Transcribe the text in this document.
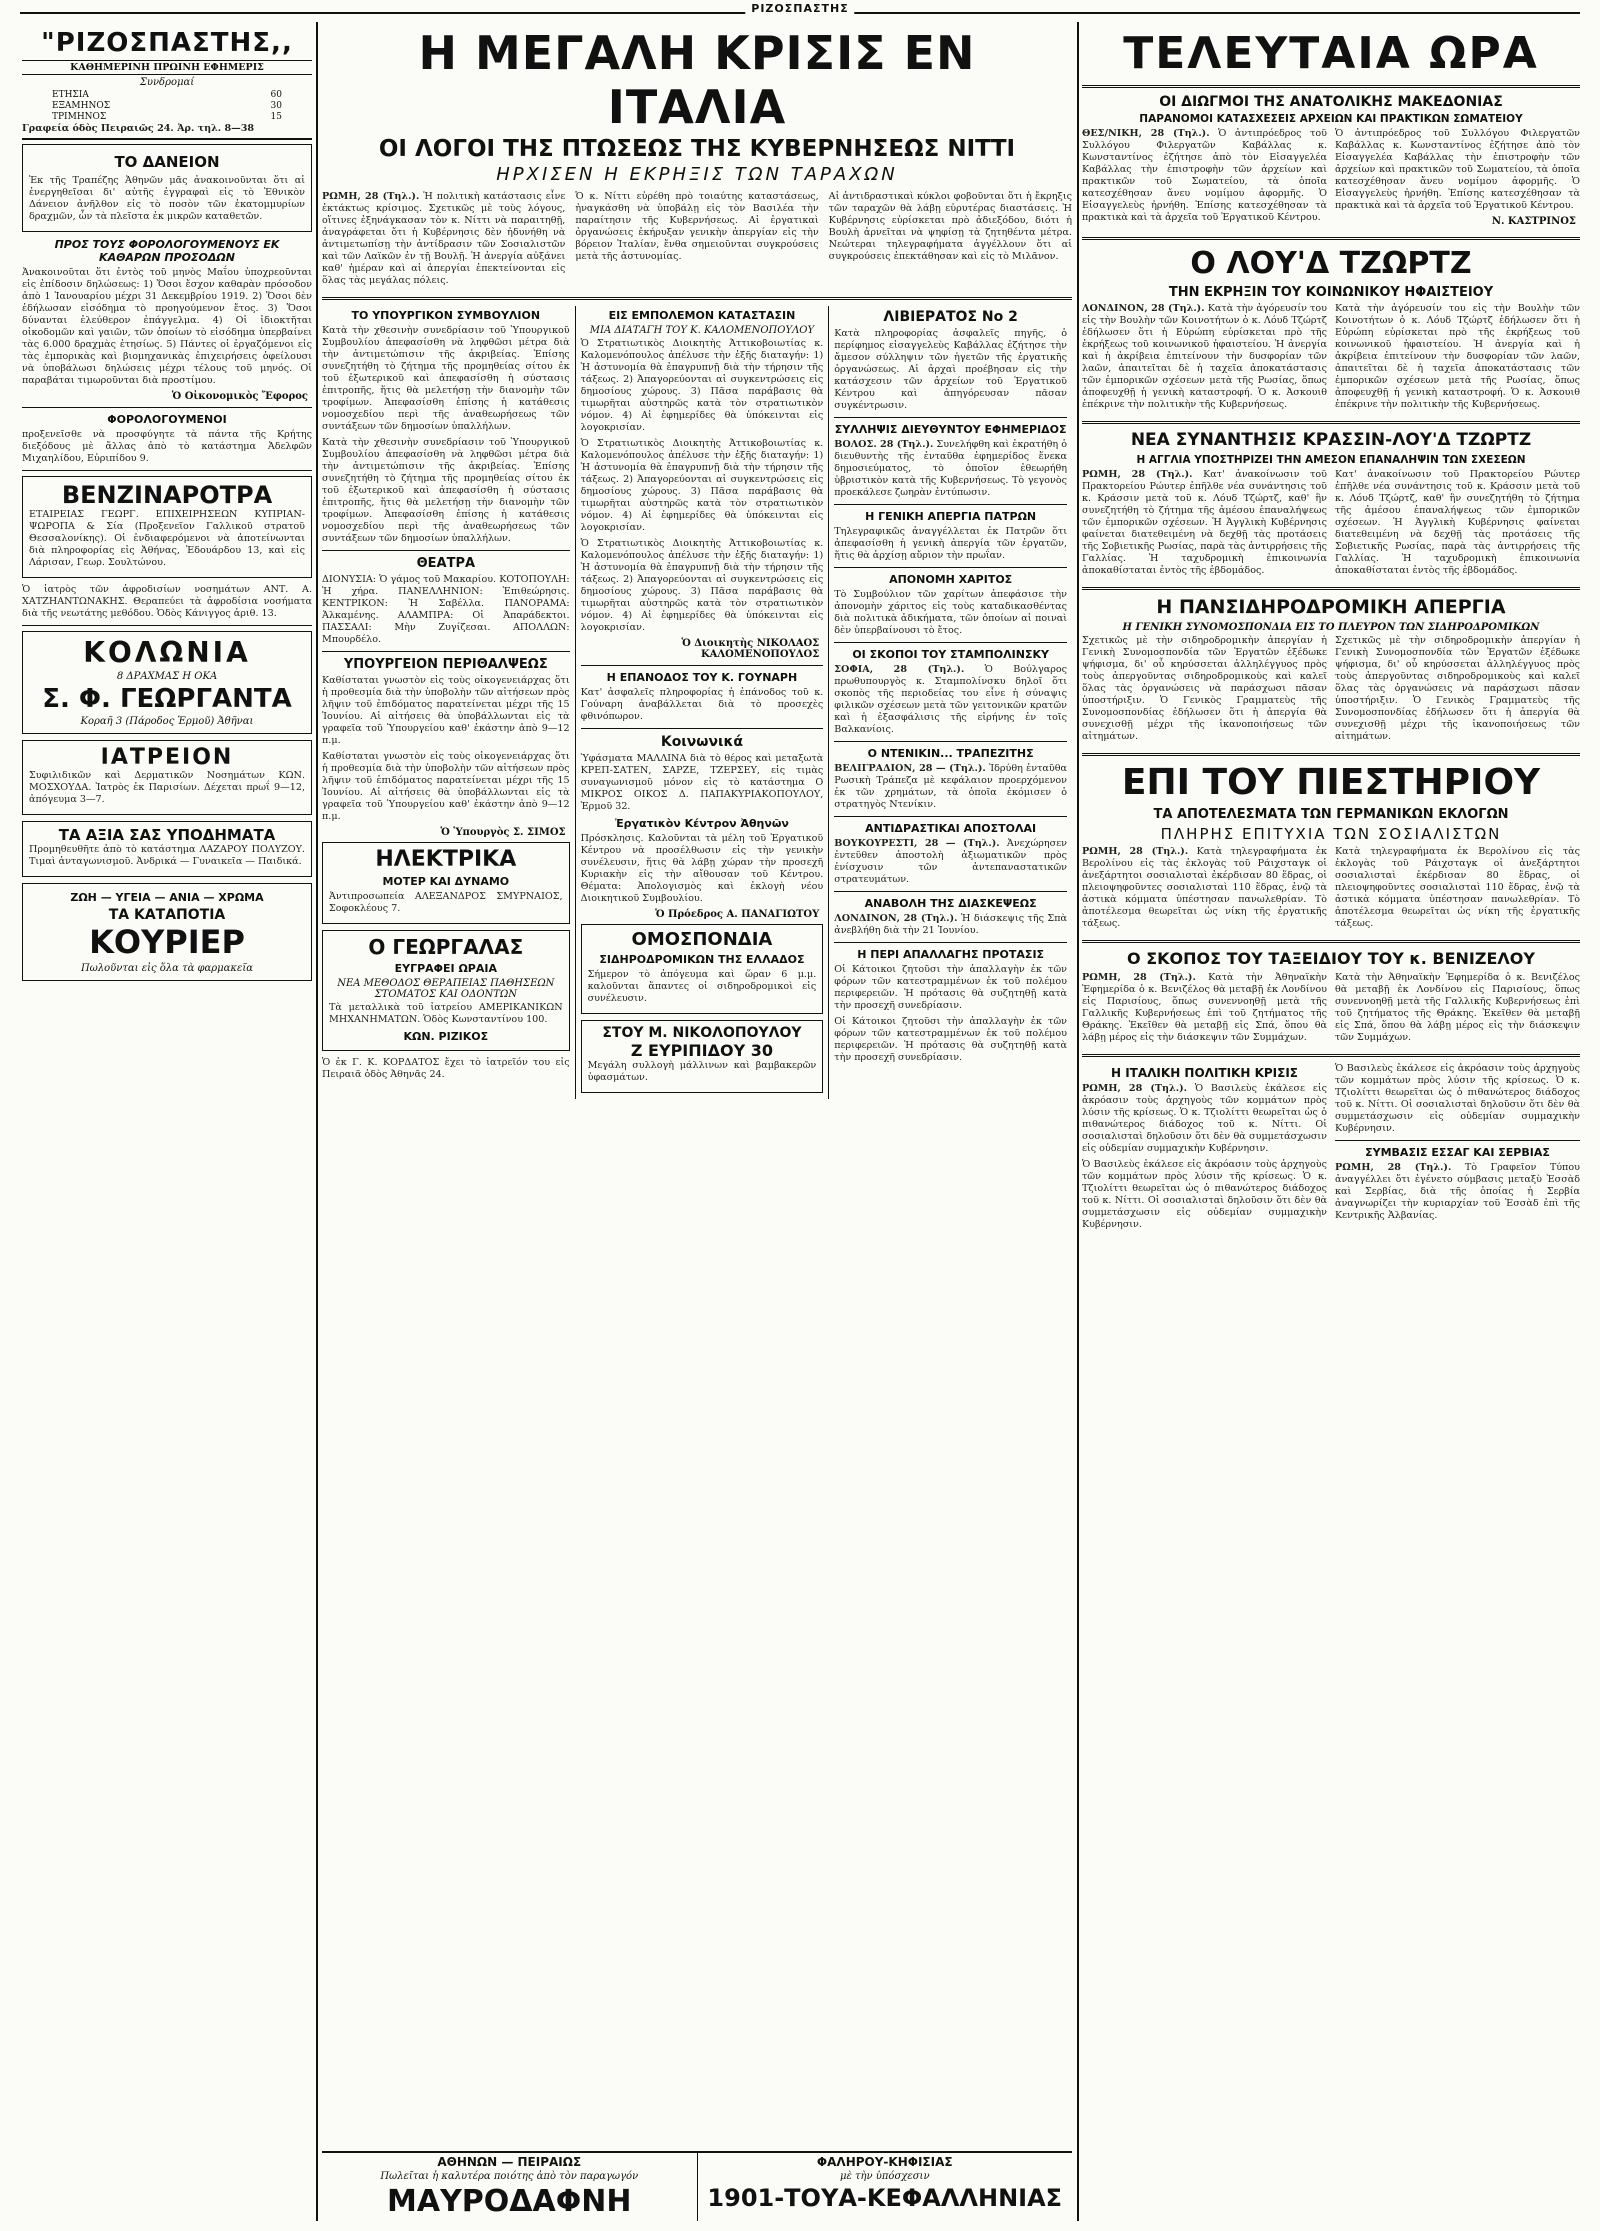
ΡΙΖΟΣΠΑΣΤΗΣ
"ΡΙΖΟΣΠΑΣΤΗΣ,,
ΚΑΘΗΜΕΡΙΝΗ ΠΡΩΙΝΗ ΕΦΗΜΕΡΙΣ
Συνδρομαί
ΕΤΗΣΙΑ	60
ΕΞΑΜΗΝΟΣ	30
ΤΡΙΜΗΝΟΣ	15
Γραφεία όδὸς Πειραιῶς 24. Ἀρ. τηλ. 8—38
ΤΟ ΔΑΝΕΙΟΝ

Ἐκ τῆς Τραπέζης Ἀθηνῶν μᾶς ἀνακοινοῦνται ὅτι αἱ ἐνεργηθεῖσαι δι' αὐτῆς ἐγγραφαὶ εἰς τὸ Ἐθνικὸν Δάνειον ἀνῆλθον εἰς τὸ ποσὸν τῶν ἑκατομμυρίων δραχμῶν, ὧν τὰ πλεῖστα ἐκ μικρῶν καταθετῶν.

ΠΡΟΣ ΤΟΥΣ ΦΟΡΟΛΟΓΟΥΜΕΝΟΥΣ ΕΚ ΚΑΘΑΡΩΝ ΠΡΟΣΟΔΩΝ

Ἀνακοινοῦται ὅτι ἐντὸς τοῦ μηνὸς Μαΐου ὑποχρεοῦνται εἰς ἐπίδοσιν δηλώσεως: 1) Ὅσοι ἔσχον καθαρὰν πρόσοδον ἀπὸ 1 Ἰανουαρίου μέχρι 31 Δεκεμβρίου 1919. 2) Ὅσοι δὲν ἐδήλωσαν εἰσόδημα τὸ προηγούμενον ἔτος. 3) Ὅσοι δύνανται ἐλεύθερον ἐπάγγελμα. 4) Οἱ ἰδιοκτῆται οἰκοδομῶν καὶ γαιῶν, τῶν ὁποίων τὸ εἰσόδημα ὑπερβαίνει τὰς 6.000 δραχμὰς ἐτησίως. 5) Πάντες οἱ ἐργαζόμενοι εἰς τὰς ἐμπορικὰς καὶ βιομηχανικὰς ἐπιχειρήσεις ὀφείλουσι νὰ ὑποβάλωσι δηλώσεις μέχρι τέλους τοῦ μηνός. Οἱ παραβάται τιμωροῦνται διὰ προστίμου.

Ὁ Οἰκονομικὸς Ἔφορος
ΦΟΡΟΛΟΓΟΥΜΕΝΟΙ

προξενεῖσθε νὰ προσφύγητε τὰ πάντα τῆς Κρήτης διεξόδους μὲ ἄλλας ἀπὸ τὸ κατάστημα Ἀδελφῶν Μιχαηλίδου, Εὐριπίδου 9.

ΒΕΝΖΙΝΑΡΟΤΡΑ

ΕΤΑΙΡΕΙΑΣ ΓΕΩΡΓ. ΕΠΙΧΕΙΡΗΣΕΩΝ ΚΥΠΡΙΑΝ-ΨΩΡΟΠΑ & Σία (Προξενεῖον Γαλλικοῦ στρατοῦ Θεσσαλονίκης). Οἱ ἐνδιαφερόμενοι νὰ ἀποτείνωνται διὰ πληροφορίας εἰς Ἀθήνας, Ἐδουάρδου 13, καὶ εἰς Λάρισαν, Γεωρ. Σουλτώνου.

Ὁ ἰατρὸς τῶν ἀφροδισίων νοσημάτων ΑΝΤ. Α. ΧΑΤΖΗΑΝΤΩΝΑΚΗΣ. Θεραπεύει τὰ ἀφροδίσια νοσήματα διὰ τῆς νεωτάτης μεθόδου. Ὁδὸς Κάνιγγος ἀριθ. 13.

ΚΟΛΩΝΙΑ
8 ΔΡΑΧΜΑΣ Η ΟΚΑ
Σ. Φ. ΓΕΩΡΓΑΝΤΑ
Κοραῆ 3 (Πάροδος Ἑρμοῦ) Ἀθῆναι
ΙΑΤΡΕΙΟΝ

Συφιλιδικῶν καὶ Δερματικῶν Νοσημάτων ΚΩΝ. ΜΟΣΧΟΥΔΑ. Ἰατρὸς ἐκ Παρισίων. Δέχεται πρωΐ 9—12, ἀπόγευμα 3—7.

ΤΑ ΑΞΙΑ ΣΑΣ ΥΠΟΔΗΜΑΤΑ

Προμηθευθῆτε ἀπὸ τὸ κατάστημα ΛΑΖΑΡΟΥ ΠΟΛΥΖΟΥ. Τιμαὶ ἀνταγωνισμοῦ. Ἀνδρικά — Γυναικεῖα — Παιδικά.

ΖΩΗ — ΥΓΕΙΑ — ΑΝΙΑ — ΧΡΩΜΑ
ΤΑ ΚΑΤΑΠΟΤΙΑ
ΚΟΥΡΙΕΡ
Πωλοῦνται εἰς ὅλα τὰ φαρμακεῖα
Η ΜΕΓΑΛΗ ΚΡΙΣΙΣ ΕΝ ΙΤΑΛΙΑ
ΟΙ ΛΟΓΟΙ ΤΗΣ ΠΤΩΣΕΩΣ ΤΗΣ ΚΥΒΕΡΝΗΣΕΩΣ ΝΙΤΤΙ
ΗΡΧΙΣΕΝ Η ΕΚΡΗΞΙΣ ΤΩΝ ΤΑΡΑΧΩΝ

ΡΩΜΗ, 28 (Τηλ.). Ἡ πολιτικὴ κατάστασις εἶνε ἐκτάκτως κρίσιμος. Σχετικῶς μὲ τοὺς λόγους, οἵτινες ἐξηνάγκασαν τὸν κ. Νίττι νὰ παραιτηθῇ, ἀναγράφεται ὅτι ἡ Κυβέρνησις δὲν ἠδυνήθη νὰ ἀντιμετωπίσῃ τὴν ἀντίδρασιν τῶν Σοσιαλιστῶν καὶ τῶν Λαϊκῶν ἐν τῇ Βουλῇ. Ἡ ἀνεργία αὐξάνει καθ' ἡμέραν καὶ αἱ ἀπεργίαι ἐπεκτείνονται εἰς ὅλας τὰς μεγάλας πόλεις.

Ὁ κ. Νίττι εὑρέθη πρὸ τοιαύτης καταστάσεως, ἠναγκάσθη νὰ ὑποβάλῃ εἰς τὸν Βασιλέα τὴν παραίτησιν τῆς Κυβερνήσεως. Αἱ ἐργατικαὶ ὀργανώσεις ἐκήρυξαν γενικὴν ἀπεργίαν εἰς τὴν βόρειον Ἰταλίαν, ἔνθα σημειοῦνται συγκρούσεις μετὰ τῆς ἀστυνομίας.

Αἱ ἀντιδραστικαὶ κύκλοι φοβοῦνται ὅτι ἡ ἔκρηξις τῶν ταραχῶν θὰ λάβῃ εὐρυτέρας διαστάσεις. Ἡ Κυβέρνησις εὑρίσκεται πρὸ ἀδιεξόδου, διότι ἡ Βουλὴ ἀρνεῖται νὰ ψηφίσῃ τὰ ζητηθέντα μέτρα. Νεώτεραι τηλεγραφήματα ἀγγέλλουν ὅτι αἱ συγκρούσεις ἐπεκτάθησαν καὶ εἰς τὸ Μιλᾶνον.

ΤΟ ΥΠΟΥΡΓΙΚΟΝ ΣΥΜΒΟΥΛΙΟΝ

Κατὰ τὴν χθεσινὴν συνεδρίασιν τοῦ Ὑπουργικοῦ Συμβουλίου ἀπεφασίσθη νὰ ληφθῶσι μέτρα διὰ τὴν ἀντιμετώπισιν τῆς ἀκριβείας. Ἐπίσης συνεζητήθη τὸ ζήτημα τῆς προμηθείας σίτου ἐκ τοῦ ἐξωτερικοῦ καὶ ἀπεφασίσθη ἡ σύστασις ἐπιτροπῆς, ἥτις θὰ μελετήσῃ τὴν διανομὴν τῶν τροφίμων. Ἀπεφασίσθη ἐπίσης ἡ κατάθεσις νομοσχεδίου περὶ τῆς ἀναθεωρήσεως τῶν συντάξεων τῶν δημοσίων ὑπαλλήλων.

Κατὰ τὴν χθεσινὴν συνεδρίασιν τοῦ Ὑπουργικοῦ Συμβουλίου ἀπεφασίσθη νὰ ληφθῶσι μέτρα διὰ τὴν ἀντιμετώπισιν τῆς ἀκριβείας. Ἐπίσης συνεζητήθη τὸ ζήτημα τῆς προμηθείας σίτου ἐκ τοῦ ἐξωτερικοῦ καὶ ἀπεφασίσθη ἡ σύστασις ἐπιτροπῆς, ἥτις θὰ μελετήσῃ τὴν διανομὴν τῶν τροφίμων. Ἀπεφασίσθη ἐπίσης ἡ κατάθεσις νομοσχεδίου περὶ τῆς ἀναθεωρήσεως τῶν συντάξεων τῶν δημοσίων ὑπαλλήλων.

ΘΕΑΤΡΑ

ΔΙΟΝΥΣΙΑ: Ὁ γάμος τοῦ Μακαρίου. ΚΟΤΟΠΟΥΛΗ: Ἡ χήρα. ΠΑΝΕΛΛΗΝΙΟΝ: Ἐπιθεώρησις. ΚΕΝΤΡΙΚΟΝ: Ἡ Σαβέλλα. ΠΑΝΟΡΑΜΑ: Ἀλκαμένης. ΑΛΑΜΠΡΑ: Οἱ Ἀπαράδεκτοι. ΠΑΣΣΑΛΙ: Μὴν Ζυγίζεσαι. ΑΠΟΛΛΩΝ: Μπουρδέλο.

ΥΠΟΥΡΓΕΙΟΝ ΠΕΡΙΘΑΛΨΕΩΣ

Καθίσταται γνωστὸν εἰς τοὺς οἰκογενειάρχας ὅτι ἡ προθεσμία διὰ τὴν ὑποβολὴν τῶν αἰτήσεων πρὸς λῆψιν τοῦ ἐπιδόματος παρατείνεται μέχρι τῆς 15 Ἰουνίου. Αἱ αἰτήσεις θὰ ὑποβάλλωνται εἰς τὰ γραφεῖα τοῦ Ὑπουργείου καθ' ἑκάστην ἀπὸ 9—12 π.μ.

Καθίσταται γνωστὸν εἰς τοὺς οἰκογενειάρχας ὅτι ἡ προθεσμία διὰ τὴν ὑποβολὴν τῶν αἰτήσεων πρὸς λῆψιν τοῦ ἐπιδόματος παρατείνεται μέχρι τῆς 15 Ἰουνίου. Αἱ αἰτήσεις θὰ ὑποβάλλωνται εἰς τὰ γραφεῖα τοῦ Ὑπουργείου καθ' ἑκάστην ἀπὸ 9—12 π.μ.

Ὁ Ὑπουργὸς Σ. ΣΙΜΟΣ
ΗΛΕΚΤΡΙΚΑ
ΜΟΤΕΡ ΚΑΙ ΔΥΝΑΜΟ

Ἀντιπροσωπεία ΑΛΕΞΑΝΔΡΟΣ ΣΜΥΡΝΑΙΟΣ, Σοφοκλέους 7.

Ο ΓΕΩΡΓΑΛΑΣ
ΕΥΓΡΑΦΕΙ ΩΡΑΙΑ
ΝΕΑ ΜΕΘΟΔΟΣ ΘΕΡΑΠΕΙΑΣ ΠΑΘΗΣΕΩΝ ΣΤΟΜΑΤΟΣ ΚΑΙ ΟΔΟΝΤΩΝ

Τὰ μεταλλικὰ τοῦ ἰατρείου ΑΜΕΡΙΚΑΝΙΚΩΝ ΜΗΧΑΝΗΜΑΤΩΝ. Ὁδὸς Κωνσταντίνου 100.

ΚΩΝ. ΡΙΖΙΚΟΣ

Ὁ ἐκ Γ. Κ. ΚΟΡΔΑΤΟΣ ἔχει τὸ ἰατρεῖόν του εἰς Πειραιᾶ ὁδὸς Ἀθηνᾶς 24.

ΕΙΣ ΕΜΠΟΛΕΜΟΝ ΚΑΤΑΣΤΑΣΙΝ
ΜΙΑ ΔΙΑΤΑΓΗ ΤΟΥ Κ. ΚΑΛΟΜΕΝΟΠΟΥΛΟΥ

Ὁ Στρατιωτικὸς Διοικητὴς Ἀττικοβοιωτίας κ. Καλομενόπουλος ἀπέλυσε τὴν ἑξῆς διαταγήν: 1) Ἡ ἀστυνομία θὰ ἐπαγρυπνῇ διὰ τὴν τήρησιν τῆς τάξεως. 2) Ἀπαγορεύονται αἱ συγκεντρώσεις εἰς δημοσίους χώρους. 3) Πᾶσα παράβασις θὰ τιμωρῆται αὐστηρῶς κατὰ τὸν στρατιωτικὸν νόμον. 4) Αἱ ἐφημερίδες θὰ ὑπόκεινται εἰς λογοκρισίαν.

Ὁ Στρατιωτικὸς Διοικητὴς Ἀττικοβοιωτίας κ. Καλομενόπουλος ἀπέλυσε τὴν ἑξῆς διαταγήν: 1) Ἡ ἀστυνομία θὰ ἐπαγρυπνῇ διὰ τὴν τήρησιν τῆς τάξεως. 2) Ἀπαγορεύονται αἱ συγκεντρώσεις εἰς δημοσίους χώρους. 3) Πᾶσα παράβασις θὰ τιμωρῆται αὐστηρῶς κατὰ τὸν στρατιωτικὸν νόμον. 4) Αἱ ἐφημερίδες θὰ ὑπόκεινται εἰς λογοκρισίαν.

Ὁ Στρατιωτικὸς Διοικητὴς Ἀττικοβοιωτίας κ. Καλομενόπουλος ἀπέλυσε τὴν ἑξῆς διαταγήν: 1) Ἡ ἀστυνομία θὰ ἐπαγρυπνῇ διὰ τὴν τήρησιν τῆς τάξεως. 2) Ἀπαγορεύονται αἱ συγκεντρώσεις εἰς δημοσίους χώρους. 3) Πᾶσα παράβασις θὰ τιμωρῆται αὐστηρῶς κατὰ τὸν στρατιωτικὸν νόμον. 4) Αἱ ἐφημερίδες θὰ ὑπόκεινται εἰς λογοκρισίαν.

Ὁ Διοικητὴς ΝΙΚΟΛΑΟΣ ΚΑΛΟΜΕΝΟΠΟΥΛΟΣ
Η ΕΠΑΝΟΔΟΣ ΤΟΥ Κ. ΓΟΥΝΑΡΗ

Κατ' ἀσφαλεῖς πληροφορίας ἡ ἐπάνοδος τοῦ κ. Γούναρη ἀναβάλλεται διὰ τὸ προσεχὲς φθινόπωρον.

Κοινωνικά

Ὑφάσματα ΜΑΛΛΙΝΑ διὰ τὸ θέρος καὶ μεταξωτὰ ΚΡΕΠ-ΣΑΤΕΝ, ΣΑΡΖΕ, ΤΖΕΡΣΕΥ, εἰς τιμὰς συναγωνισμοῦ μόνον εἰς τὸ κατάστημα Ο ΜΙΚΡΟΣ ΟΙΚΟΣ Δ. ΠΑΠΑΚΥΡΙΑΚΟΠΟΥΛΟΥ, Ἑρμοῦ 32.

Ἐργατικὸν Κέντρον Ἀθηνῶν

Πρόσκλησις. Καλοῦνται τὰ μέλη τοῦ Ἐργατικοῦ Κέντρου νὰ προσέλθωσιν εἰς τὴν γενικὴν συνέλευσιν, ἥτις θὰ λάβῃ χώραν τὴν προσεχῆ Κυριακὴν εἰς τὴν αἴθουσαν τοῦ Κέντρου. Θέματα: Ἀπολογισμὸς καὶ ἐκλογὴ νέου Διοικητικοῦ Συμβουλίου.

Ὁ Πρόεδρος Α. ΠΑΝΑΓΙΩΤΟΥ
ΟΜΟΣΠΟΝΔΙΑ
ΣΙΔΗΡΟΔΡΟΜΙΚΩΝ ΤΗΣ ΕΛΛΑΔΟΣ

Σήμερον τὸ ἀπόγευμα καὶ ὥραν 6 μ.μ. καλοῦνται ἅπαντες οἱ σιδηροδρομικοὶ εἰς συνέλευσιν.

ΣΤΟΥ Μ. ΝΙΚΟΛΟΠΟΥΛΟΥ
Ζ ΕΥΡΙΠΙΔΟΥ 30

Μεγάλη συλλογὴ μάλλινων καὶ βαμβακερῶν ὑφασμάτων.

ΛΙΒΙΕΡΑΤΟΣ Νο 2

Κατὰ πληροφορίας ἀσφαλεῖς πηγῆς, ὁ περίφημος εἰσαγγελεὺς Καβάλλας ἐζήτησε τὴν ἄμεσον σύλληψιν τῶν ἡγετῶν τῆς ἐργατικῆς ὀργανώσεως. Αἱ ἀρχαὶ προέβησαν εἰς τὴν κατάσχεσιν τῶν ἀρχείων τοῦ Ἐργατικοῦ Κέντρου καὶ ἀπηγόρευσαν πᾶσαν συγκέντρωσιν.

ΣΥΛΛΗΨΙΣ ΔΙΕΥΘΥΝΤΟΥ ΕΦΗΜΕΡΙΔΟΣ

ΒΟΛΟΣ. 28 (Τηλ.). Συνελήφθη καὶ ἐκρατήθη ὁ διευθυντὴς τῆς ἐνταῦθα ἐφημερίδος ἕνεκα δημοσιεύματος, τὸ ὁποῖον ἐθεωρήθη ὑβριστικὸν κατὰ τῆς Κυβερνήσεως. Τὸ γεγονὸς προεκάλεσε ζωηρὰν ἐντύπωσιν.

Η ΓΕΝΙΚΗ ΑΠΕΡΓΙΑ ΠΑΤΡΩΝ

Τηλεγραφικῶς ἀναγγέλλεται ἐκ Πατρῶν ὅτι ἀπεφασίσθη ἡ γενικὴ ἀπεργία τῶν ἐργατῶν, ἥτις θὰ ἀρχίσῃ αὔριον τὴν πρωΐαν.

ΑΠΟΝΟΜΗ ΧΑΡΙΤΟΣ

Τὸ Συμβούλιον τῶν χαρίτων ἀπεφάσισε τὴν ἀπονομὴν χάριτος εἰς τοὺς καταδικασθέντας διὰ πολιτικὰ ἀδικήματα, τῶν ὁποίων αἱ ποιναὶ δὲν ὑπερβαίνουσι τὸ ἔτος.

ΟΙ ΣΚΟΠΟΙ ΤΟΥ ΣΤΑΜΠΟΛΙΝΣΚΥ

ΣΟΦΙΑ, 28 (Τηλ.). Ὁ Βούλγαρος πρωθυπουργὸς κ. Σταμπολίνσκυ δηλοῖ ὅτι σκοπὸς τῆς περιοδείας του εἶνε ἡ σύναψις φιλικῶν σχέσεων μετὰ τῶν γειτονικῶν κρατῶν καὶ ἡ ἐξασφάλισις τῆς εἰρήνης ἐν τοῖς Βαλκανίοις.

Ο ΝΤΕΝΙΚΙΝ... ΤΡΑΠΕΖΙΤΗΣ

ΒΕΛΙΓΡΑΔΙΟΝ, 28 — (Τηλ.). Ἰδρύθη ἐνταῦθα Ρωσικὴ Τράπεζα μὲ κεφάλαιον προερχόμενον ἐκ τῶν χρημάτων, τὰ ὁποῖα ἐκόμισεν ὁ στρατηγὸς Ντενίκιν.

ΑΝΤΙΔΡΑΣΤΙΚΑΙ ΑΠΟΣΤΟΛΑΙ

ΒΟΥΚΟΥΡΕΣΤΙ, 28 — (Τηλ.). Ἀνεχώρησεν ἐντεῦθεν ἀποστολὴ ἀξιωματικῶν πρὸς ἐνίσχυσιν τῶν ἀντεπαναστατικῶν στρατευμάτων.

ΑΝΑΒΟΛΗ ΤΗΣ ΔΙΑΣΚΕΨΕΩΣ

ΛΟΝΔΙΝΟΝ, 28 (Τηλ.). Ἡ διάσκεψις τῆς Σπὰ ἀνεβλήθη διὰ τὴν 21 Ἰουνίου.

Η ΠΕΡΙ ΑΠΑΛΛΑΓΗΣ ΠΡΟΤΑΣΙΣ

Οἱ Κάτοικοι ζητοῦσι τὴν ἀπαλλαγὴν ἐκ τῶν φόρων τῶν κατεστραμμένων ἐκ τοῦ πολέμου περιφερειῶν. Ἡ πρότασις θὰ συζητηθῇ κατὰ τὴν προσεχῆ συνεδρίασιν.

Οἱ Κάτοικοι ζητοῦσι τὴν ἀπαλλαγὴν ἐκ τῶν φόρων τῶν κατεστραμμένων ἐκ τοῦ πολέμου περιφερειῶν. Ἡ πρότασις θὰ συζητηθῇ κατὰ τὴν προσεχῆ συνεδρίασιν.

ΑΘΗΝΩΝ — ΠΕΙΡΑΙΩΣ
Πωλεῖται ἡ καλυτέρα ποιότης ἀπὸ τὸν παραγωγόν
ΜΑΥΡΟΔΑΦΝΗ
ΦΑΛΗΡΟΥ-ΚΗΦΙΣΙΑΣ
μὲ τὴν ὑπόσχεσιν
1901-ΤΟΥΑ-ΚΕΦΑΛΛΗΝΙΑΣ
ΤΕΛΕΥΤΑΙΑ ΩΡΑ
ΟΙ ΔΙΩΓΜΟΙ ΤΗΣ ΑΝΑΤΟΛΙΚΗΣ ΜΑΚΕΔΟΝΙΑΣ
ΠΑΡΑΝΟΜΟΙ ΚΑΤΑΣΧΕΣΕΙΣ ΑΡΧΕΙΩΝ ΚΑΙ ΠΡΑΚΤΙΚΩΝ ΣΩΜΑΤΕΙΟΥ

ΘΕΣ/ΝΙΚΗ, 28 (Τηλ.). Ὁ ἀντιπρόεδρος τοῦ Συλλόγου Φιλεργατῶν Καβάλλας κ. Κωνσταντίνος ἐζήτησε ἀπὸ τὸν Εἰσαγγελέα Καβάλλας τὴν ἐπιστροφὴν τῶν ἀρχείων καὶ πρακτικῶν τοῦ Σωματείου, τὰ ὁποῖα κατεσχέθησαν ἄνευ νομίμου ἀφορμῆς. Ὁ Εἰσαγγελεὺς ἠρνήθη. Ἐπίσης κατεσχέθησαν τὰ πρακτικὰ καὶ τὰ ἀρχεῖα τοῦ Ἐργατικοῦ Κέντρου.

Ὁ ἀντιπρόεδρος τοῦ Συλλόγου Φιλεργατῶν Καβάλλας κ. Κωνσταντίνος ἐζήτησε ἀπὸ τὸν Εἰσαγγελέα Καβάλλας τὴν ἐπιστροφὴν τῶν ἀρχείων καὶ πρακτικῶν τοῦ Σωματείου, τὰ ὁποῖα κατεσχέθησαν ἄνευ νομίμου ἀφορμῆς. Ὁ Εἰσαγγελεὺς ἠρνήθη. Ἐπίσης κατεσχέθησαν τὰ πρακτικὰ καὶ τὰ ἀρχεῖα τοῦ Ἐργατικοῦ Κέντρου.

Ν. ΚΑΣΤΡΙΝΟΣ
Ο ΛΟΥ'Δ ΤΖΩΡΤΖ
ΤΗΝ ΕΚΡΗΞΙΝ ΤΟΥ ΚΟΙΝΩΝΙΚΟΥ ΗΦΑΙΣΤΕΙΟΥ

ΛΟΝΔΙΝΟΝ, 28 (Τηλ.). Κατὰ τὴν ἀγόρευσίν του εἰς τὴν Βουλὴν τῶν Κοινοτήτων ὁ κ. Λόυδ Τζώρτζ ἐδήλωσεν ὅτι ἡ Εὐρώπη εὑρίσκεται πρὸ τῆς ἐκρήξεως τοῦ κοινωνικοῦ ἡφαιστείου. Ἡ ἀνεργία καὶ ἡ ἀκρίβεια ἐπιτείνουν τὴν δυσφορίαν τῶν λαῶν, ἀπαιτεῖται δὲ ἡ ταχεῖα ἀποκατάστασις τῶν ἐμπορικῶν σχέσεων μετὰ τῆς Ρωσίας, ὅπως ἀποφευχθῇ ἡ γενικὴ καταστροφή. Ὁ κ. Ἀσκουιθ ἐπέκρινε τὴν πολιτικὴν τῆς Κυβερνήσεως.

Κατὰ τὴν ἀγόρευσίν του εἰς τὴν Βουλὴν τῶν Κοινοτήτων ὁ κ. Λόυδ Τζώρτζ ἐδήλωσεν ὅτι ἡ Εὐρώπη εὑρίσκεται πρὸ τῆς ἐκρήξεως τοῦ κοινωνικοῦ ἡφαιστείου. Ἡ ἀνεργία καὶ ἡ ἀκρίβεια ἐπιτείνουν τὴν δυσφορίαν τῶν λαῶν, ἀπαιτεῖται δὲ ἡ ταχεῖα ἀποκατάστασις τῶν ἐμπορικῶν σχέσεων μετὰ τῆς Ρωσίας, ὅπως ἀποφευχθῇ ἡ γενικὴ καταστροφή. Ὁ κ. Ἀσκουιθ ἐπέκρινε τὴν πολιτικὴν τῆς Κυβερνήσεως.

ΝΕΑ ΣΥΝΑΝΤΗΣΙΣ ΚΡΑΣΣΙΝ-ΛΟΥ'Δ ΤΖΩΡΤΖ
Η ΑΓΓΛΙΑ ΥΠΟΣΤΗΡΙΖΕΙ ΤΗΝ ΑΜΕΣΟΝ ΕΠΑΝΑΛΗΨΙΝ ΤΩΝ ΣΧΕΣΕΩΝ

ΡΩΜΗ, 28 (Τηλ.). Κατ' ἀνακοίνωσιν τοῦ Πρακτορείου Ρώυτερ ἐπῆλθε νέα συνάντησις τοῦ κ. Κράσσιν μετὰ τοῦ κ. Λόυδ Τζώρτζ, καθ' ἣν συνεζητήθη τὸ ζήτημα τῆς ἀμέσου ἐπαναλήψεως τῶν ἐμπορικῶν σχέσεων. Ἡ Ἀγγλικὴ Κυβέρνησις φαίνεται διατεθειμένη νὰ δεχθῇ τὰς προτάσεις τῆς Σοβιετικῆς Ρωσίας, παρὰ τὰς ἀντιρρήσεις τῆς Γαλλίας. Ἡ ταχυδρομικὴ ἐπικοινωνία ἀποκαθίσταται ἐντὸς τῆς ἑβδομάδος.

Κατ' ἀνακοίνωσιν τοῦ Πρακτορείου Ρώυτερ ἐπῆλθε νέα συνάντησις τοῦ κ. Κράσσιν μετὰ τοῦ κ. Λόυδ Τζώρτζ, καθ' ἣν συνεζητήθη τὸ ζήτημα τῆς ἀμέσου ἐπαναλήψεως τῶν ἐμπορικῶν σχέσεων. Ἡ Ἀγγλικὴ Κυβέρνησις φαίνεται διατεθειμένη νὰ δεχθῇ τὰς προτάσεις τῆς Σοβιετικῆς Ρωσίας, παρὰ τὰς ἀντιρρήσεις τῆς Γαλλίας. Ἡ ταχυδρομικὴ ἐπικοινωνία ἀποκαθίσταται ἐντὸς τῆς ἑβδομάδος.

Η ΠΑΝΣΙΔΗΡΟΔΡΟΜΙΚΗ ΑΠΕΡΓΙΑ
Η ΓΕΝΙΚΗ ΣΥΝΟΜΟΣΠΟΝΔΙΑ ΕΙΣ ΤΟ ΠΛΕΥΡΟΝ ΤΩΝ ΣΙΔΗΡΟΔΡΟΜΙΚΩΝ

Σχετικῶς μὲ τὴν σιδηροδρομικὴν ἀπεργίαν ἡ Γενικὴ Συνομοσπονδία τῶν Ἐργατῶν ἐξέδωκε ψήφισμα, δι' οὗ κηρύσσεται ἀλληλέγγυος πρὸς τοὺς ἀπεργοῦντας σιδηροδρομικοὺς καὶ καλεῖ ὅλας τὰς ὀργανώσεις νὰ παράσχωσι πᾶσαν ὑποστήριξιν. Ὁ Γενικὸς Γραμματεὺς τῆς Συνομοσπονδίας ἐδήλωσεν ὅτι ἡ ἀπεργία θὰ συνεχισθῇ μέχρι τῆς ἱκανοποιήσεως τῶν αἰτημάτων.

Σχετικῶς μὲ τὴν σιδηροδρομικὴν ἀπεργίαν ἡ Γενικὴ Συνομοσπονδία τῶν Ἐργατῶν ἐξέδωκε ψήφισμα, δι' οὗ κηρύσσεται ἀλληλέγγυος πρὸς τοὺς ἀπεργοῦντας σιδηροδρομικοὺς καὶ καλεῖ ὅλας τὰς ὀργανώσεις νὰ παράσχωσι πᾶσαν ὑποστήριξιν. Ὁ Γενικὸς Γραμματεὺς τῆς Συνομοσπονδίας ἐδήλωσεν ὅτι ἡ ἀπεργία θὰ συνεχισθῇ μέχρι τῆς ἱκανοποιήσεως τῶν αἰτημάτων.

ΕΠΙ ΤΟΥ ΠΙΕΣΤΗΡΙΟΥ
ΤΑ ΑΠΟΤΕΛΕΣΜΑΤΑ ΤΩΝ ΓΕΡΜΑΝΙΚΩΝ ΕΚΛΟΓΩΝ
ΠΛΗΡΗΣ ΕΠΙΤΥΧΙΑ ΤΩΝ ΣΟΣΙΑΛΙΣΤΩΝ

ΡΩΜΗ, 28 (Τηλ.). Κατὰ τηλεγραφήματα ἐκ Βερολίνου εἰς τὰς ἐκλογὰς τοῦ Ράιχσταγκ οἱ ἀνεξάρτητοι σοσιαλισταὶ ἐκέρδισαν 80 ἕδρας, οἱ πλειοψηφοῦντες σοσιαλισταὶ 110 ἕδρας, ἐνῷ τὰ ἀστικὰ κόμματα ὑπέστησαν πανωλεθρίαν. Τὸ ἀποτέλεσμα θεωρεῖται ὡς νίκη τῆς ἐργατικῆς τάξεως.

Κατὰ τηλεγραφήματα ἐκ Βερολίνου εἰς τὰς ἐκλογὰς τοῦ Ράιχσταγκ οἱ ἀνεξάρτητοι σοσιαλισταὶ ἐκέρδισαν 80 ἕδρας, οἱ πλειοψηφοῦντες σοσιαλισταὶ 110 ἕδρας, ἐνῷ τὰ ἀστικὰ κόμματα ὑπέστησαν πανωλεθρίαν. Τὸ ἀποτέλεσμα θεωρεῖται ὡς νίκη τῆς ἐργατικῆς τάξεως.

Ο ΣΚΟΠΟΣ ΤΟΥ ΤΑΞΕΙΔΙΟΥ ΤΟΥ κ. ΒΕΝΙΖΕΛΟΥ

ΡΩΜΗ, 28 (Τηλ.). Κατὰ τὴν Ἀθηναϊκὴν Ἐφημερίδα ὁ κ. Βενιζέλος θὰ μεταβῇ ἐκ Λονδίνου εἰς Παρισίους, ὅπως συνεννοηθῇ μετὰ τῆς Γαλλικῆς Κυβερνήσεως ἐπὶ τοῦ ζητήματος τῆς Θράκης. Ἐκεῖθεν θὰ μεταβῇ εἰς Σπά, ὅπου θὰ λάβῃ μέρος εἰς τὴν διάσκεψιν τῶν Συμμάχων.

Κατὰ τὴν Ἀθηναϊκὴν Ἐφημερίδα ὁ κ. Βενιζέλος θὰ μεταβῇ ἐκ Λονδίνου εἰς Παρισίους, ὅπως συνεννοηθῇ μετὰ τῆς Γαλλικῆς Κυβερνήσεως ἐπὶ τοῦ ζητήματος τῆς Θράκης. Ἐκεῖθεν θὰ μεταβῇ εἰς Σπά, ὅπου θὰ λάβῃ μέρος εἰς τὴν διάσκεψιν τῶν Συμμάχων.

Η ΙΤΑΛΙΚΗ ΠΟΛΙΤΙΚΗ ΚΡΙΣΙΣ

ΡΩΜΗ, 28 (Τηλ.). Ὁ Βασιλεὺς ἐκάλεσε εἰς ἀκρόασιν τοὺς ἀρχηγοὺς τῶν κομμάτων πρὸς λύσιν τῆς κρίσεως. Ὁ κ. Τζιολίττι θεωρεῖται ὡς ὁ πιθανώτερος διάδοχος τοῦ κ. Νίττι. Οἱ σοσιαλισταὶ δηλοῦσιν ὅτι δὲν θὰ συμμετάσχωσιν εἰς οὐδεμίαν συμμαχικὴν Κυβέρνησιν.

Ὁ Βασιλεὺς ἐκάλεσε εἰς ἀκρόασιν τοὺς ἀρχηγοὺς τῶν κομμάτων πρὸς λύσιν τῆς κρίσεως. Ὁ κ. Τζιολίττι θεωρεῖται ὡς ὁ πιθανώτερος διάδοχος τοῦ κ. Νίττι. Οἱ σοσιαλισταὶ δηλοῦσιν ὅτι δὲν θὰ συμμετάσχωσιν εἰς οὐδεμίαν συμμαχικὴν Κυβέρνησιν.

Ὁ Βασιλεὺς ἐκάλεσε εἰς ἀκρόασιν τοὺς ἀρχηγοὺς τῶν κομμάτων πρὸς λύσιν τῆς κρίσεως. Ὁ κ. Τζιολίττι θεωρεῖται ὡς ὁ πιθανώτερος διάδοχος τοῦ κ. Νίττι. Οἱ σοσιαλισταὶ δηλοῦσιν ὅτι δὲν θὰ συμμετάσχωσιν εἰς οὐδεμίαν συμμαχικὴν Κυβέρνησιν.

ΣΥΜΒΑΣΙΣ ΕΣΣΑΓ ΚΑΙ ΣΕΡΒΙΑΣ

ΡΩΜΗ, 28 (Τηλ.). Τὸ Γραφεῖον Τύπου ἀναγγέλλει ὅτι ἐγένετο σύμβασις μεταξὺ Ἐσσὰδ καὶ Σερβίας, διὰ τῆς ὁποίας ἡ Σερβία ἀναγνωρίζει τὴν κυριαρχίαν τοῦ Ἐσσὰδ ἐπὶ τῆς Κεντρικῆς Ἀλβανίας.
